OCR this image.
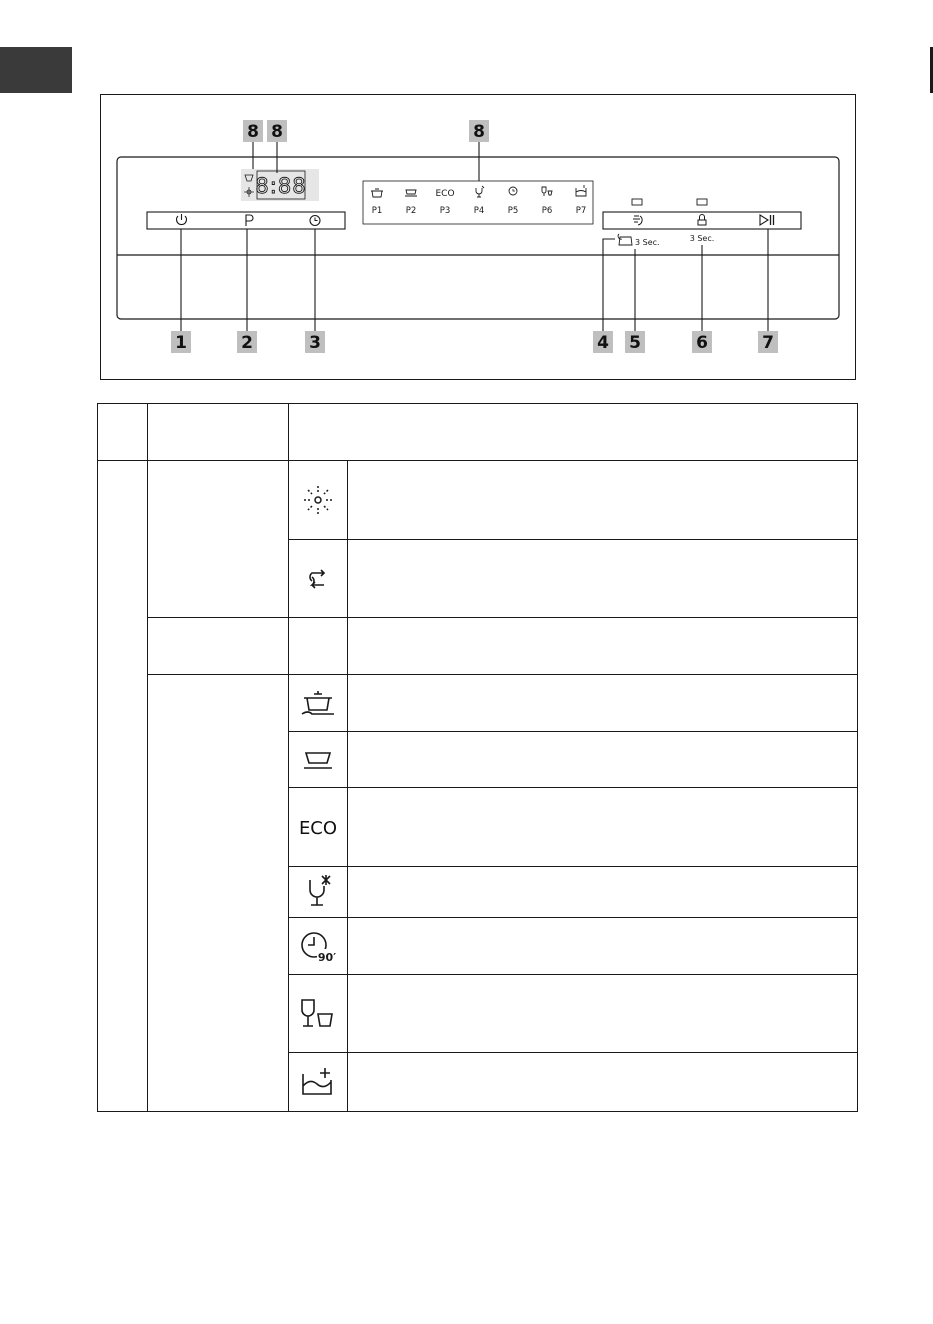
8:88	ECO
P1	P2	P3	P4	P5	P6	P7
3 Sec.	3 Sec.
8 8	8
1	2	3	4 5	6	7

ECO	

90′	
